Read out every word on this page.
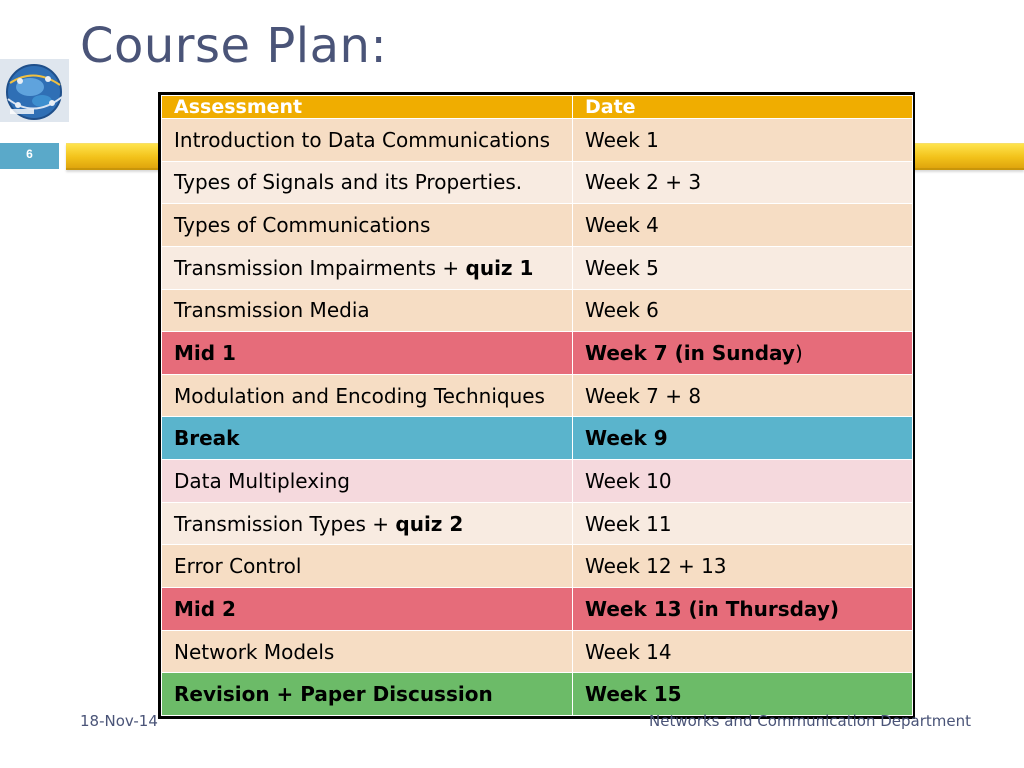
Course Plan:
6
Assessment	Date
Introduction to Data Communications	Week 1
Types of Signals and its Properties.	Week 2 + 3
Types of Communications	Week 4
Transmission Impairments + quiz 1	Week 5
Transmission Media	Week 6
Mid 1	Week 7 (in Sunday)
Modulation and Encoding Techniques	Week 7 + 8
Break	Week 9
Data Multiplexing	Week 10
Transmission Types + quiz 2	Week 11
Error Control	Week 12 + 13
Mid 2	Week 13 (in Thursday)
Network Models	Week 14
Revision + Paper Discussion	Week 15
18-Nov-14	Networks and Communication Department
